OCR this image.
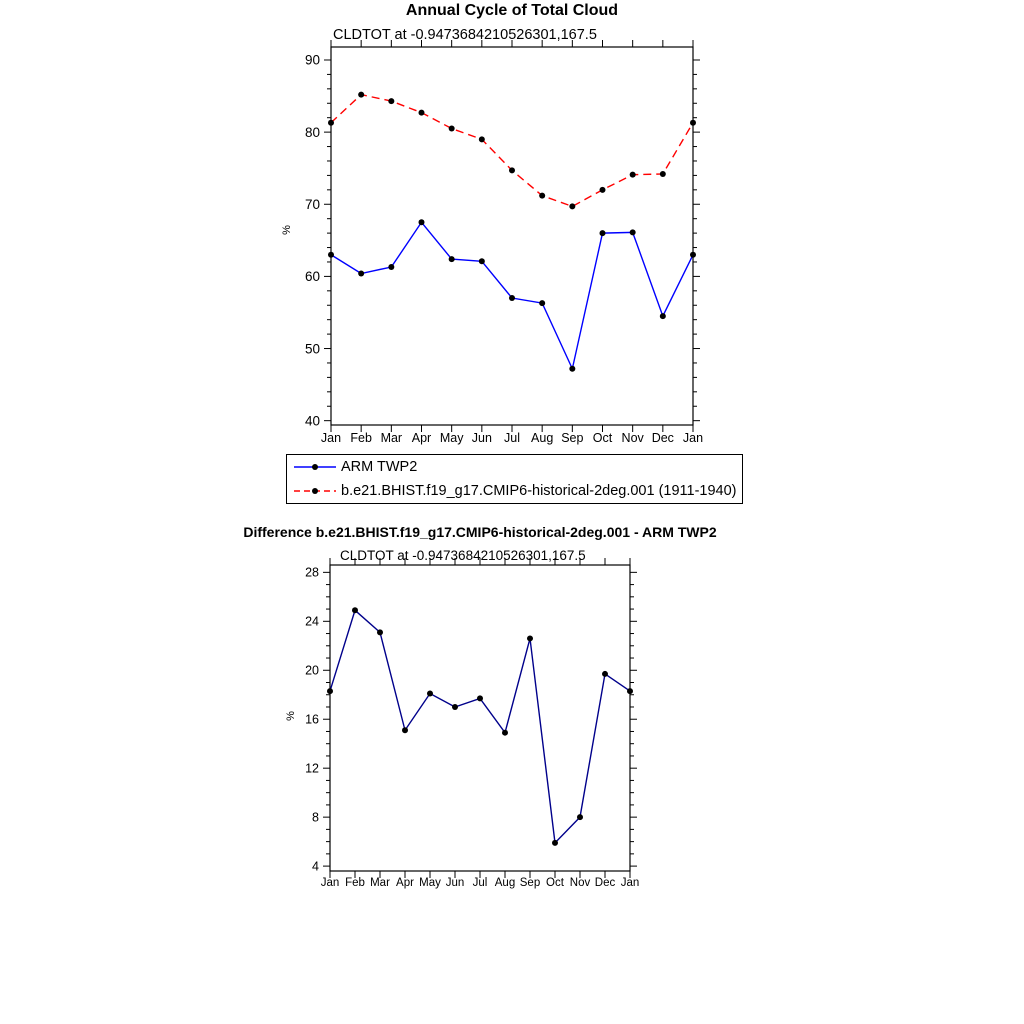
Annual Cycle of Total Cloud
CLDTOT at -0.9473684210526301,167.5
%
40
50
60
70
80
90
Jan Feb Mar Apr May Jun Jul Aug Sep Oct Nov Dec Jan
ARM TWP2
b.e21.BHIST.f19_g17.CMIP6-historical-2deg.001 (1911-1940)
Difference b.e21.BHIST.f19_g17.CMIP6-historical-2deg.001 - ARM TWP2
CLDTOT at -0.9473684210526301,167.5
%
4
8
12
16
20
24
28
Jan Feb Mar Apr May Jun Jul Aug Sep Oct Nov Dec Jan
